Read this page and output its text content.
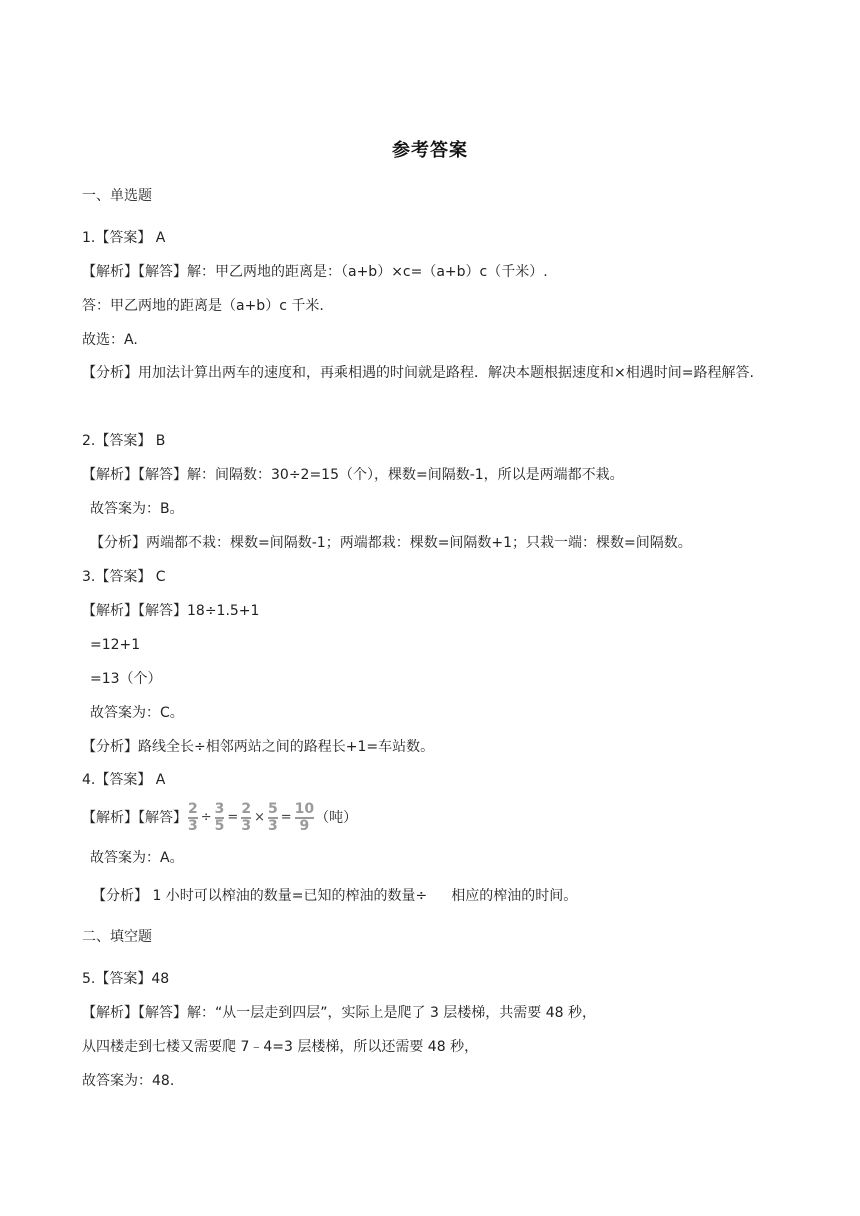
参考答案
一、单选题
1.【答案】 A
【解析】【解答】解：甲乙两地的距离是：（a+b）×c=（a+b）c（千米）.
答：甲乙两地的距离是（a+b）c 千米.
故选：A.
【分析】用加法计算出两车的速度和，再乘相遇的时间就是路程．解决本题根据速度和×相遇时间=路程解答.
2.【答案】 B
【解析】【解答】解：间隔数：30÷2=15（个），棵数=间隔数-1，所以是两端都不栽。
故答案为：B。
【分析】两端都不栽：棵数=间隔数-1；两端都栽：棵数=间隔数+1；只栽一端：棵数=间隔数。
3.【答案】 C
【解析】【解答】18÷1.5+1
=12+1
=13（个）
故答案为：C。
【分析】路线全长÷相邻两站之间的路程长+1=车站数。
4.【答案】 A
【解析】【解答】 $\frac{2}{3} \div \frac{3}{5} = \frac{2}{3} \times \frac{5}{3} = \frac{10}{9}$ （吨）
故答案为：A。
【分析】 1 小时可以榨油的数量=已知的榨油的数量÷ 相应的榨油的时间。
二、填空题
5.【答案】48
【解析】【解答】解：“从一层走到四层”，实际上是爬了 3 层楼梯，共需要 48 秒，
从四楼走到七楼又需要爬 7﹣4=3 层楼梯，所以还需要 48 秒，
故答案为：48.
